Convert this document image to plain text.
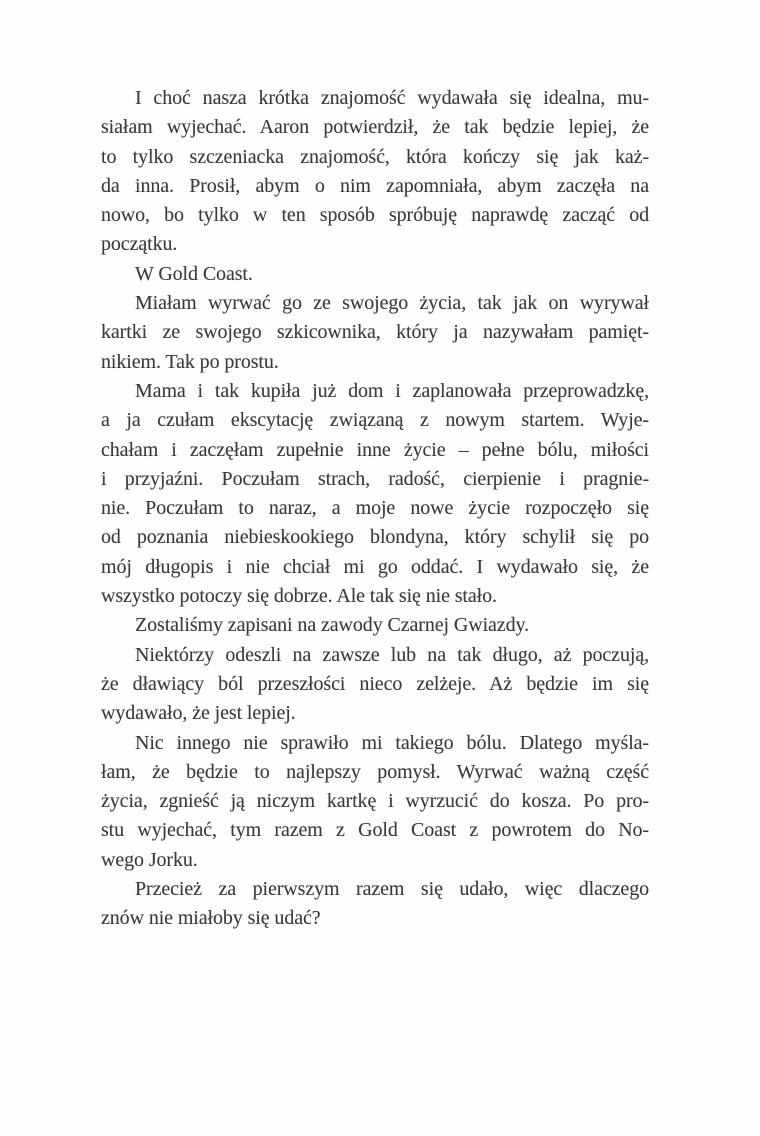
I choć nasza krótka znajomość wydawała się idealna, mu-
siałam wyjechać. Aaron potwierdził, że tak będzie lepiej, że
to tylko szczeniacka znajomość, która kończy się jak każ-
da inna. Prosił, abym o nim zapomniała, abym zaczęła na
nowo, bo tylko w ten sposób spróbuję naprawdę zacząć od
początku.
W Gold Coast.
Miałam wyrwać go ze swojego życia, tak jak on wyrywał
kartki ze swojego szkicownika, który ja nazywałam pamięt-
nikiem. Tak po prostu.
Mama i tak kupiła już dom i zaplanowała przeprowadzkę,
a ja czułam ekscytację związaną z nowym startem. Wyje-
chałam i zaczęłam zupełnie inne życie – pełne bólu, miłości
i przyjaźni. Poczułam strach, radość, cierpienie i pragnie-
nie. Poczułam to naraz, a moje nowe życie rozpoczęło się
od poznania niebieskookiego blondyna, który schylił się po
mój długopis i nie chciał mi go oddać. I wydawało się, że
wszystko potoczy się dobrze. Ale tak się nie stało.
Zostaliśmy zapisani na zawody Czarnej Gwiazdy.
Niektórzy odeszli na zawsze lub na tak długo, aż poczują,
że dławiący ból przeszłości nieco zelżeje. Aż będzie im się
wydawało, że jest lepiej.
Nic innego nie sprawiło mi takiego bólu. Dlatego myśla-
łam, że będzie to najlepszy pomysł. Wyrwać ważną część
życia, zgnieść ją niczym kartkę i wyrzucić do kosza. Po pro-
stu wyjechać, tym razem z Gold Coast z powrotem do No-
wego Jorku.
Przecież za pierwszym razem się udało, więc dlaczego
znów nie miałoby się udać?
